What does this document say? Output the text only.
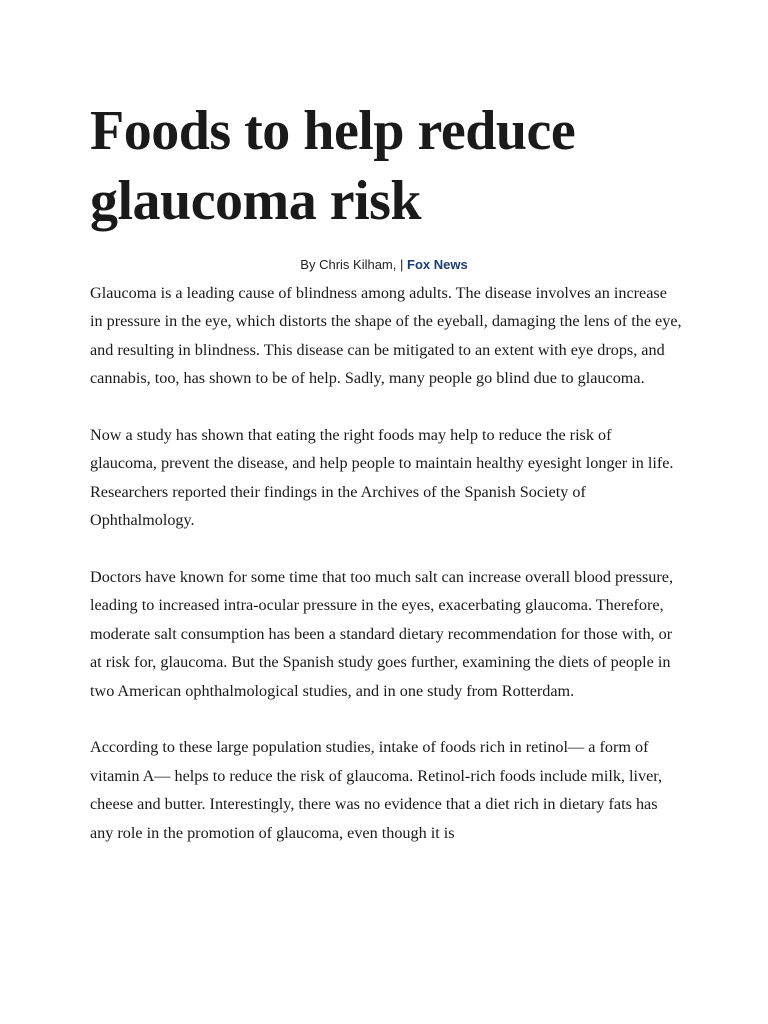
Foods to help reduce glaucoma risk
By Chris Kilham, | Fox News

Glaucoma is a leading cause of blindness among adults. The disease involves an increase in pressure in the eye, which distorts the shape of the eyeball, damaging the lens of the eye, and resulting in blindness. This disease can be mitigated to an extent with eye drops, and cannabis, too, has shown to be of help. Sadly, many people go blind due to glaucoma.

Now a study has shown that eating the right foods may help to reduce the risk of glaucoma, prevent the disease, and help people to maintain healthy eyesight longer in life. Researchers reported their findings in the Archives of the Spanish Society of Ophthalmology.

Doctors have known for some time that too much salt can increase overall blood pressure, leading to increased intra-ocular pressure in the eyes, exacerbating glaucoma. Therefore, moderate salt consumption has been a standard dietary recommendation for those with, or at risk for, glaucoma. But the Spanish study goes further, examining the diets of people in two American ophthalmological studies, and in one study from Rotterdam.

According to these large population studies, intake of foods rich in retinol— a form of vitamin A— helps to reduce the risk of glaucoma. Retinol-rich foods include milk, liver, cheese and butter. Interestingly, there was no evidence that a diet rich in dietary fats has any role in the promotion of glaucoma, even though it is
